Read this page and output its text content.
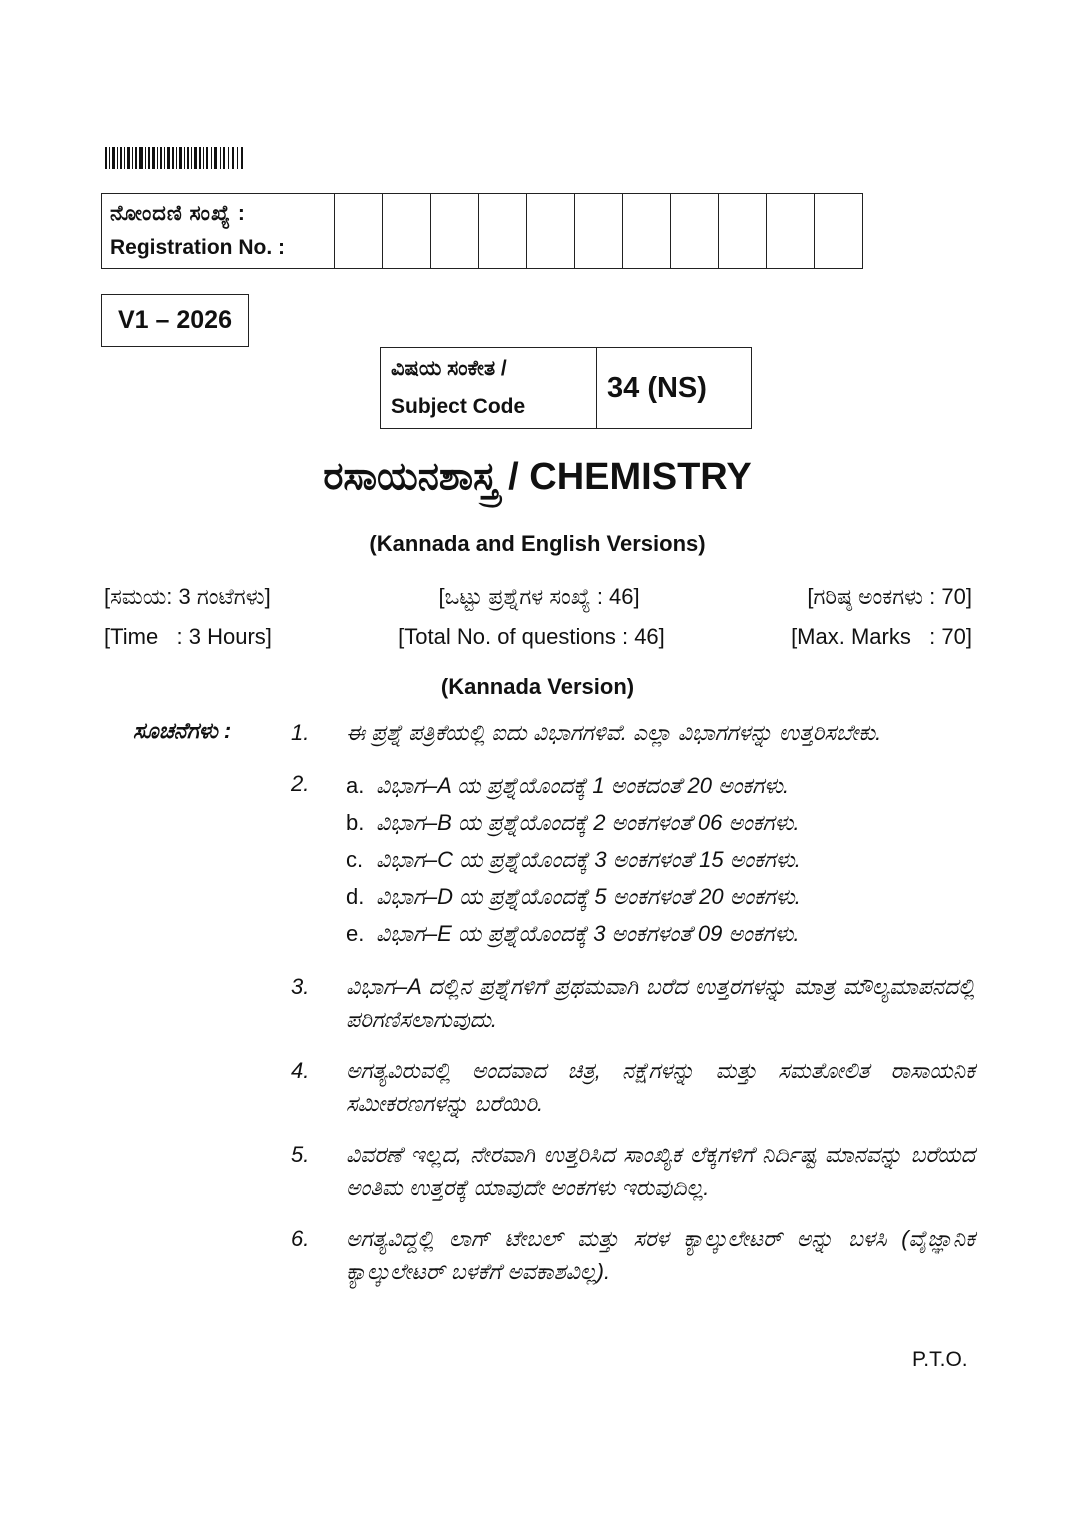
ನೋಂದಣಿ ಸಂಖ್ಯೆ :
Registration No. :

V1 – 2026
ವಿಷಯ ಸಂಕೇತ /
Subject Code
	34 (NS)
ರಸಾಯನಶಾಸ್ತ್ರ / CHEMISTRY
(Kannada and English Versions)
[ಸಮಯ: 3 ಗಂಟೆಗಳು]	[ಒಟ್ಟು ಪ್ರಶ್ನೆಗಳ ಸಂಖ್ಯೆ : 46]	[ಗರಿಷ್ಠ ಅಂಕಗಳು : 70]
[Time   : 3 Hours]	[Total No. of questions : 46]	[Max. Marks   : 70]
(Kannada Version)
ಸೂಚನೆಗಳು :	1.	ಈ ಪ್ರಶ್ನೆ ಪತ್ರಿಕೆಯಲ್ಲಿ ಐದು ವಿಭಾಗಗಳಿವೆ. ಎಲ್ಲಾ ವಿಭಾಗಗಳನ್ನು ಉತ್ತರಿಸಬೇಕು.
2.	a. ವಿಭಾಗ–A ಯ ಪ್ರಶ್ನೆಯೊಂದಕ್ಕೆ 1 ಅಂಕದಂತೆ 20 ಅಂಕಗಳು.
b. ವಿಭಾಗ–B ಯ ಪ್ರಶ್ನೆಯೊಂದಕ್ಕೆ 2 ಅಂಕಗಳಂತೆ 06 ಅಂಕಗಳು.
c. ವಿಭಾಗ–C ಯ ಪ್ರಶ್ನೆಯೊಂದಕ್ಕೆ 3 ಅಂಕಗಳಂತೆ 15 ಅಂಕಗಳು.
d. ವಿಭಾಗ–D ಯ ಪ್ರಶ್ನೆಯೊಂದಕ್ಕೆ 5 ಅಂಕಗಳಂತೆ 20 ಅಂಕಗಳು.
e. ವಿಭಾಗ–E ಯ ಪ್ರಶ್ನೆಯೊಂದಕ್ಕೆ 3 ಅಂಕಗಳಂತೆ 09 ಅಂಕಗಳು.
3.	ವಿಭಾಗ–A ದಲ್ಲಿನ ಪ್ರಶ್ನೆಗಳಿಗೆ ಪ್ರಥಮವಾಗಿ ಬರೆದ ಉತ್ತರಗಳನ್ನು ಮಾತ್ರ ಮೌಲ್ಯಮಾಪನದಲ್ಲಿ ಪರಿಗಣಿಸಲಾಗುವುದು.
4.	ಅಗತ್ಯವಿರುವಲ್ಲಿ ಅಂದವಾದ ಚಿತ್ರ, ನಕ್ಷೆಗಳನ್ನು ಮತ್ತು ಸಮತೋಲಿತ ರಾಸಾಯನಿಕ ಸಮೀಕರಣಗಳನ್ನು ಬರೆಯಿರಿ.
5.	ವಿವರಣೆ ಇಲ್ಲದ, ನೇರವಾಗಿ ಉತ್ತರಿಸಿದ ಸಾಂಖ್ಯಿಕ ಲೆಕ್ಕಗಳಿಗೆ ನಿರ್ದಿಷ್ಟ ಮಾನವನ್ನು ಬರೆಯದ ಅಂತಿಮ ಉತ್ತರಕ್ಕೆ ಯಾವುದೇ ಅಂಕಗಳು ಇರುವುದಿಲ್ಲ.
6.	ಅಗತ್ಯವಿದ್ದಲ್ಲಿ ಲಾಗ್ ಟೇಬಲ್ ಮತ್ತು ಸರಳ ಕ್ಯಾಲ್ಕುಲೇಟರ್ ಅನ್ನು ಬಳಸಿ (ವೈಜ್ಞಾನಿಕ ಕ್ಯಾಲ್ಕುಲೇಟರ್ ಬಳಕೆಗೆ ಅವಕಾಶವಿಲ್ಲ).
P.T.O.
